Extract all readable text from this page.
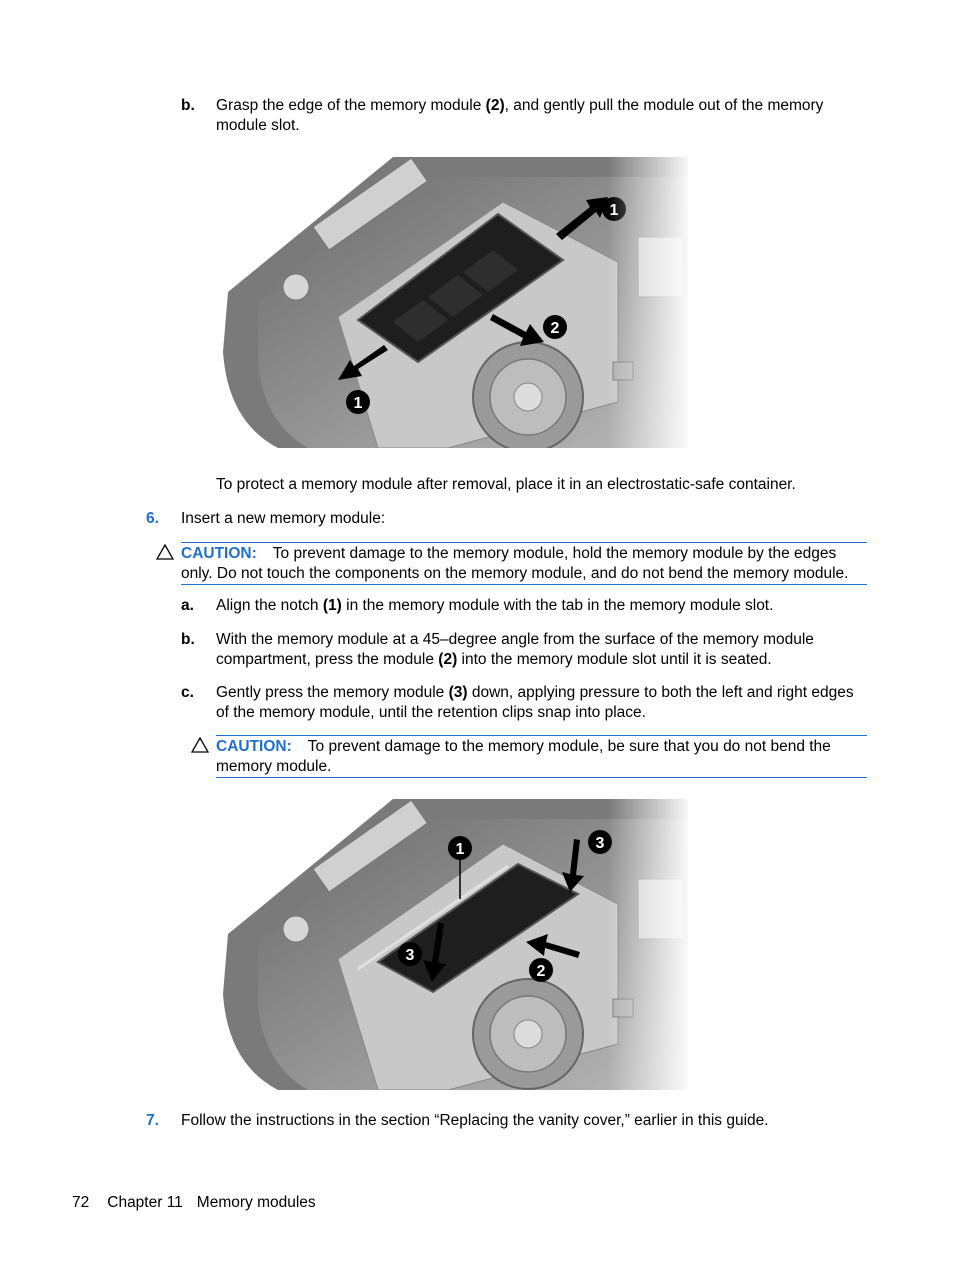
b. Grasp the edge of the memory module (2), and gently pull the module out of the memory
module slot.
To protect a memory module after removal, place it in an electrostatic-safe container.
6. Insert a new memory module:
CAUTION: To prevent damage to the memory module, hold the memory module by the edges
only. Do not touch the components on the memory module, and do not bend the memory module.
a. Align the notch (1) in the memory module with the tab in the memory module slot.
b. With the memory module at a 45–degree angle from the surface of the memory module
compartment, press the module (2) into the memory module slot until it is seated.
c. Gently press the memory module (3) down, applying pressure to both the left and right edges
of the memory module, until the retention clips snap into place.
CAUTION: To prevent damage to the memory module, be sure that you do not bend the
memory module.
7. Follow the instructions in the section “Replacing the vanity cover,” earlier in this guide.
72 Chapter 11 Memory modules
